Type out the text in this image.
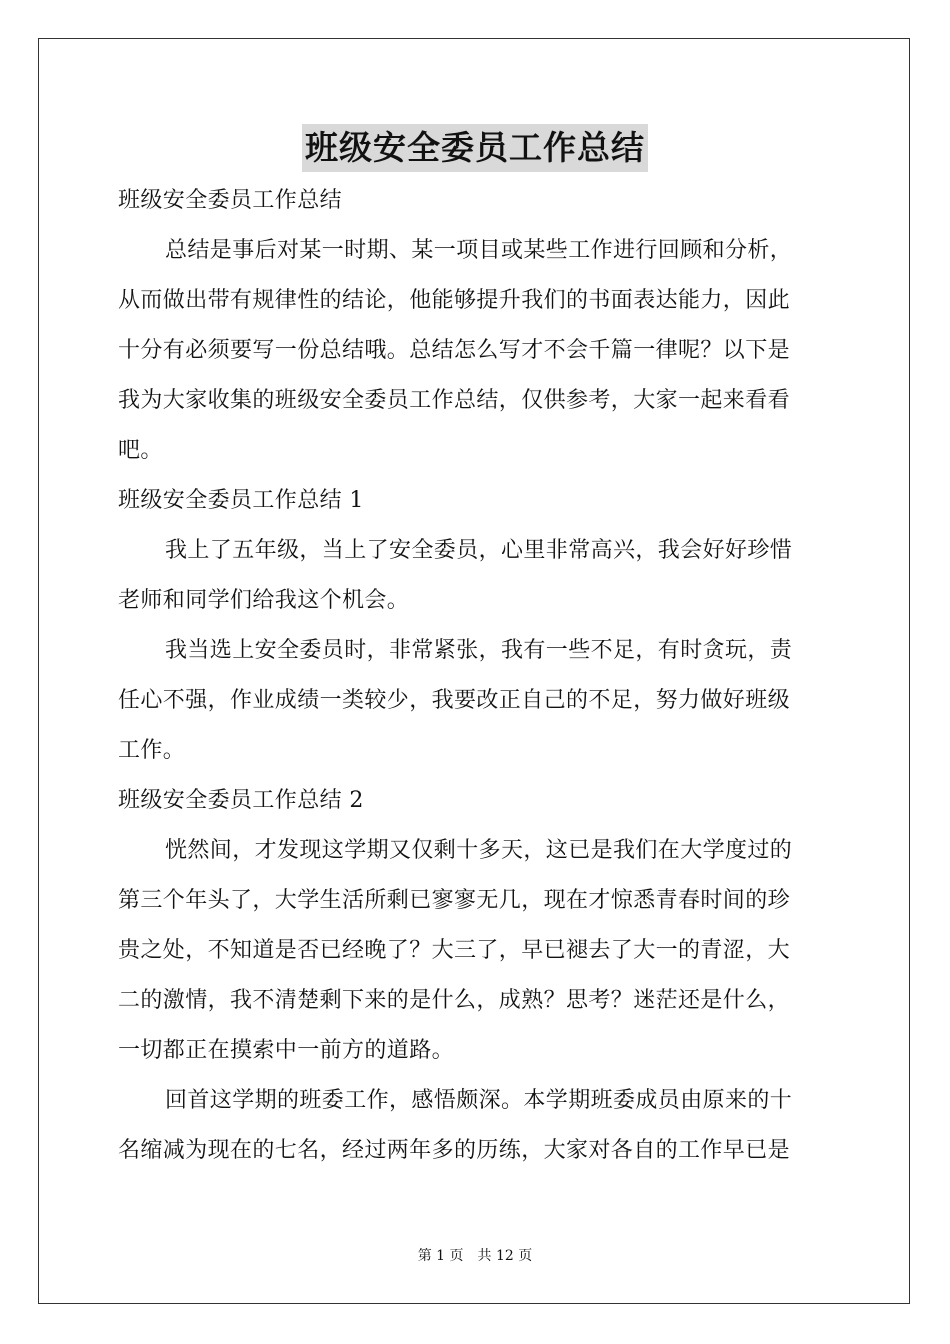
班级安全委员工作总结
班级安全委员工作总结
总结是事后对某一时期、某一项目或某些工作进行回顾和分析，
从而做出带有规律性的结论，他能够提升我们的书面表达能力，因此
十分有必须要写一份总结哦。总结怎么写才不会千篇一律呢？以下是
我为大家收集的班级安全委员工作总结，仅供参考，大家一起来看看
吧。
班级安全委员工作总结 1
我上了五年级，当上了安全委员，心里非常高兴，我会好好珍惜
老师和同学们给我这个机会。
我当选上安全委员时，非常紧张，我有一些不足，有时贪玩，责
任心不强，作业成绩一类较少，我要改正自己的不足，努力做好班级
工作。
班级安全委员工作总结 2
恍然间，才发现这学期又仅剩十多天，这已是我们在大学度过的
第三个年头了，大学生活所剩已寥寥无几，现在才惊悉青春时间的珍
贵之处，不知道是否已经晚了？大三了，早已褪去了大一的青涩，大
二的激情，我不清楚剩下来的是什么，成熟？思考？迷茫还是什么，
一切都正在摸索中一前方的道路。
回首这学期的班委工作，感悟颇深。本学期班委成员由原来的十
名缩减为现在的七名，经过两年多的历练，大家对各自的工作早已是
第 1 页 共 12 页
